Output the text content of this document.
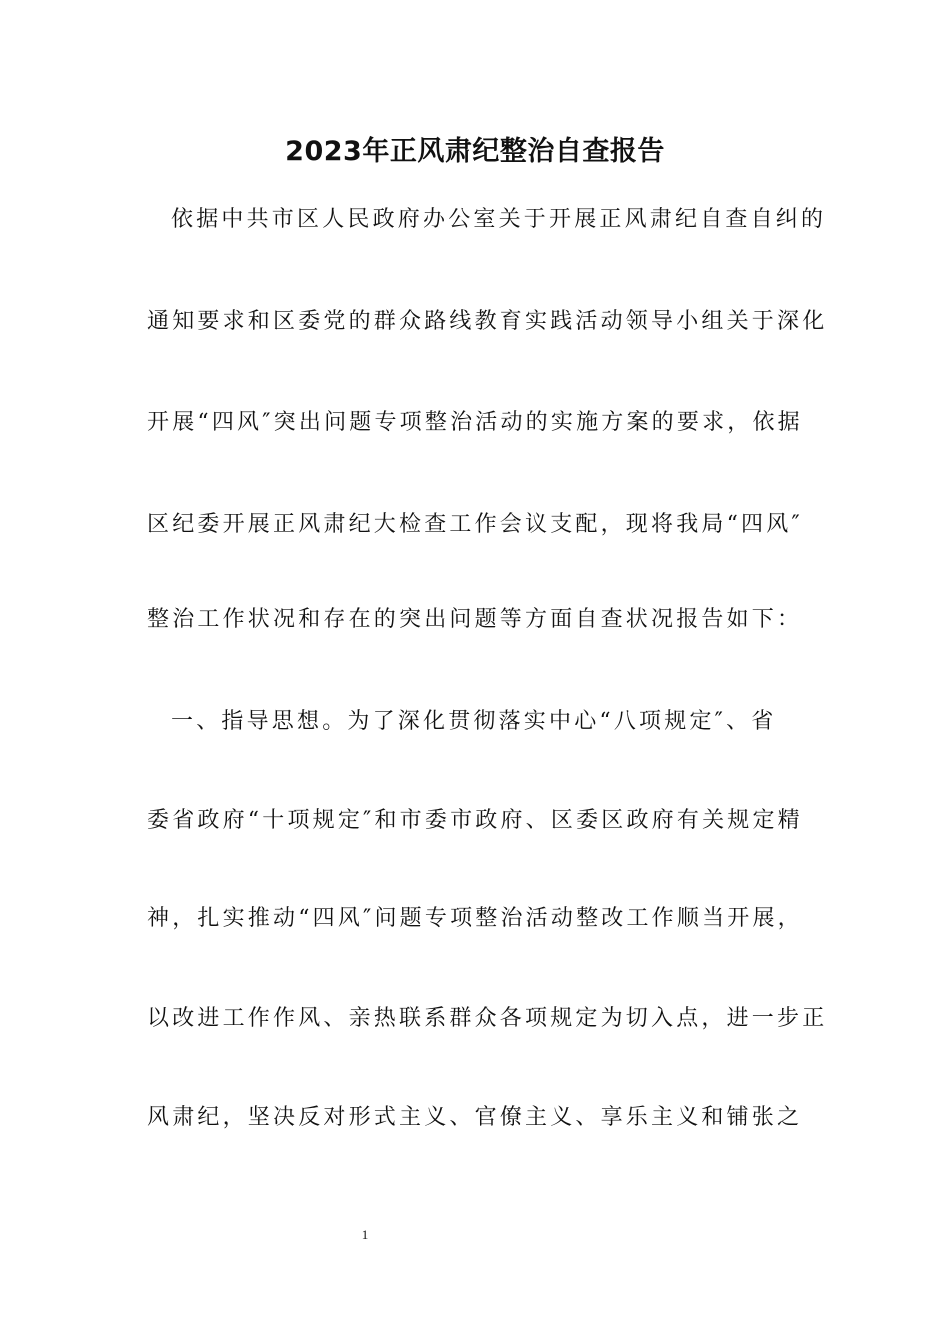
2023年正风肃纪整治自查报告

依据中共市区人民政府办公室关于开展正风肃纪自查自纠的

通知要求和区委党的群众路线教育实践活动领导小组关于深化

开展“四风″突出问题专项整治活动的实施方案的要求，依据

区纪委开展正风肃纪大检查工作会议支配，现将我局“四风″

整治工作状况和存在的突出问题等方面自查状况报告如下：

一、指导思想。为了深化贯彻落实中心“八项规定″、省

委省政府“十项规定″和市委市政府、区委区政府有关规定精

神，扎实推动“四风″问题专项整治活动整改工作顺当开展，

以改进工作作风、亲热联系群众各项规定为切入点，进一步正

风肃纪，坚决反对形式主义、官僚主义、享乐主义和铺张之

1
